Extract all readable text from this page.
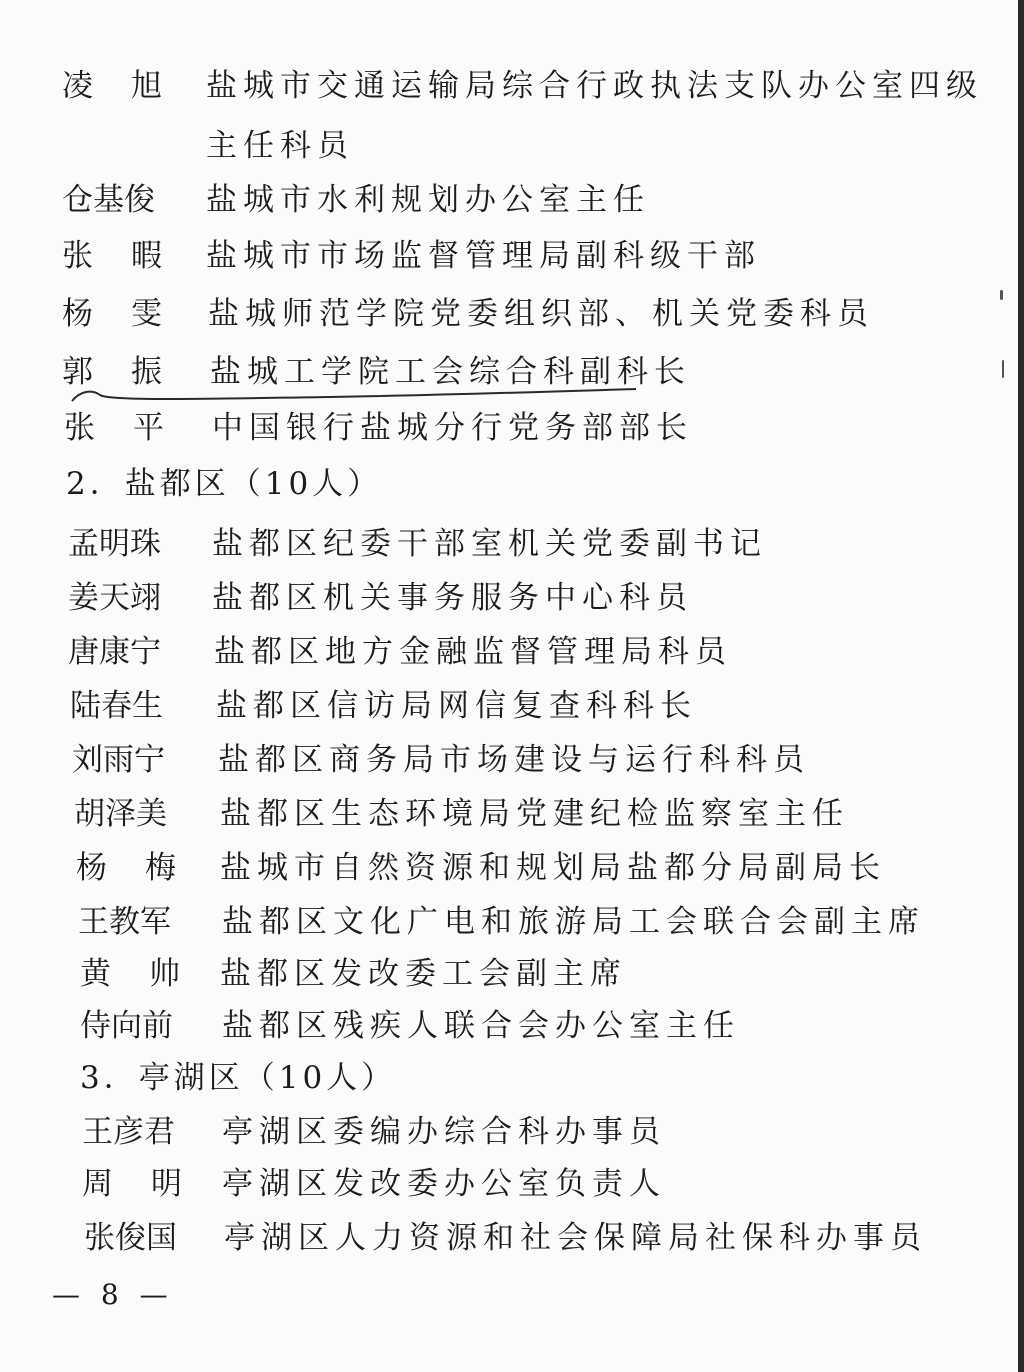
凌旭 盐城市交通运输局综合行政执法支队办公室四级
主任科员
仓基俊	盐城市水利规划办公室主任
张暇 盐城市市场监督管理局副科级干部
杨雯 盐城师范学院党委组织部、机关党委科员
郭振 盐城工学院工会综合科副科长
张平 中国银行盐城分行党务部部长
2．盐都区（10人）
孟明珠	盐都区纪委干部室机关党委副书记
姜天翊	盐都区机关事务服务中心科员
唐康宁	盐都区地方金融监督管理局科员
陆春生	盐都区信访局网信复查科科长
刘雨宁	盐都区商务局市场建设与运行科科员
胡泽美	盐都区生态环境局党建纪检监察室主任
杨梅 盐城市自然资源和规划局盐都分局副局长
王教军	盐都区文化广电和旅游局工会联合会副主席
黄帅 盐都区发改委工会副主席
侍向前	盐都区残疾人联合会办公室主任
3．亭湖区（10人）
王彦君	亭湖区委编办综合科办事员
周明 亭湖区发改委办公室负责人
张俊国	亭湖区人力资源和社会保障局社保科办事员
— 8 —
